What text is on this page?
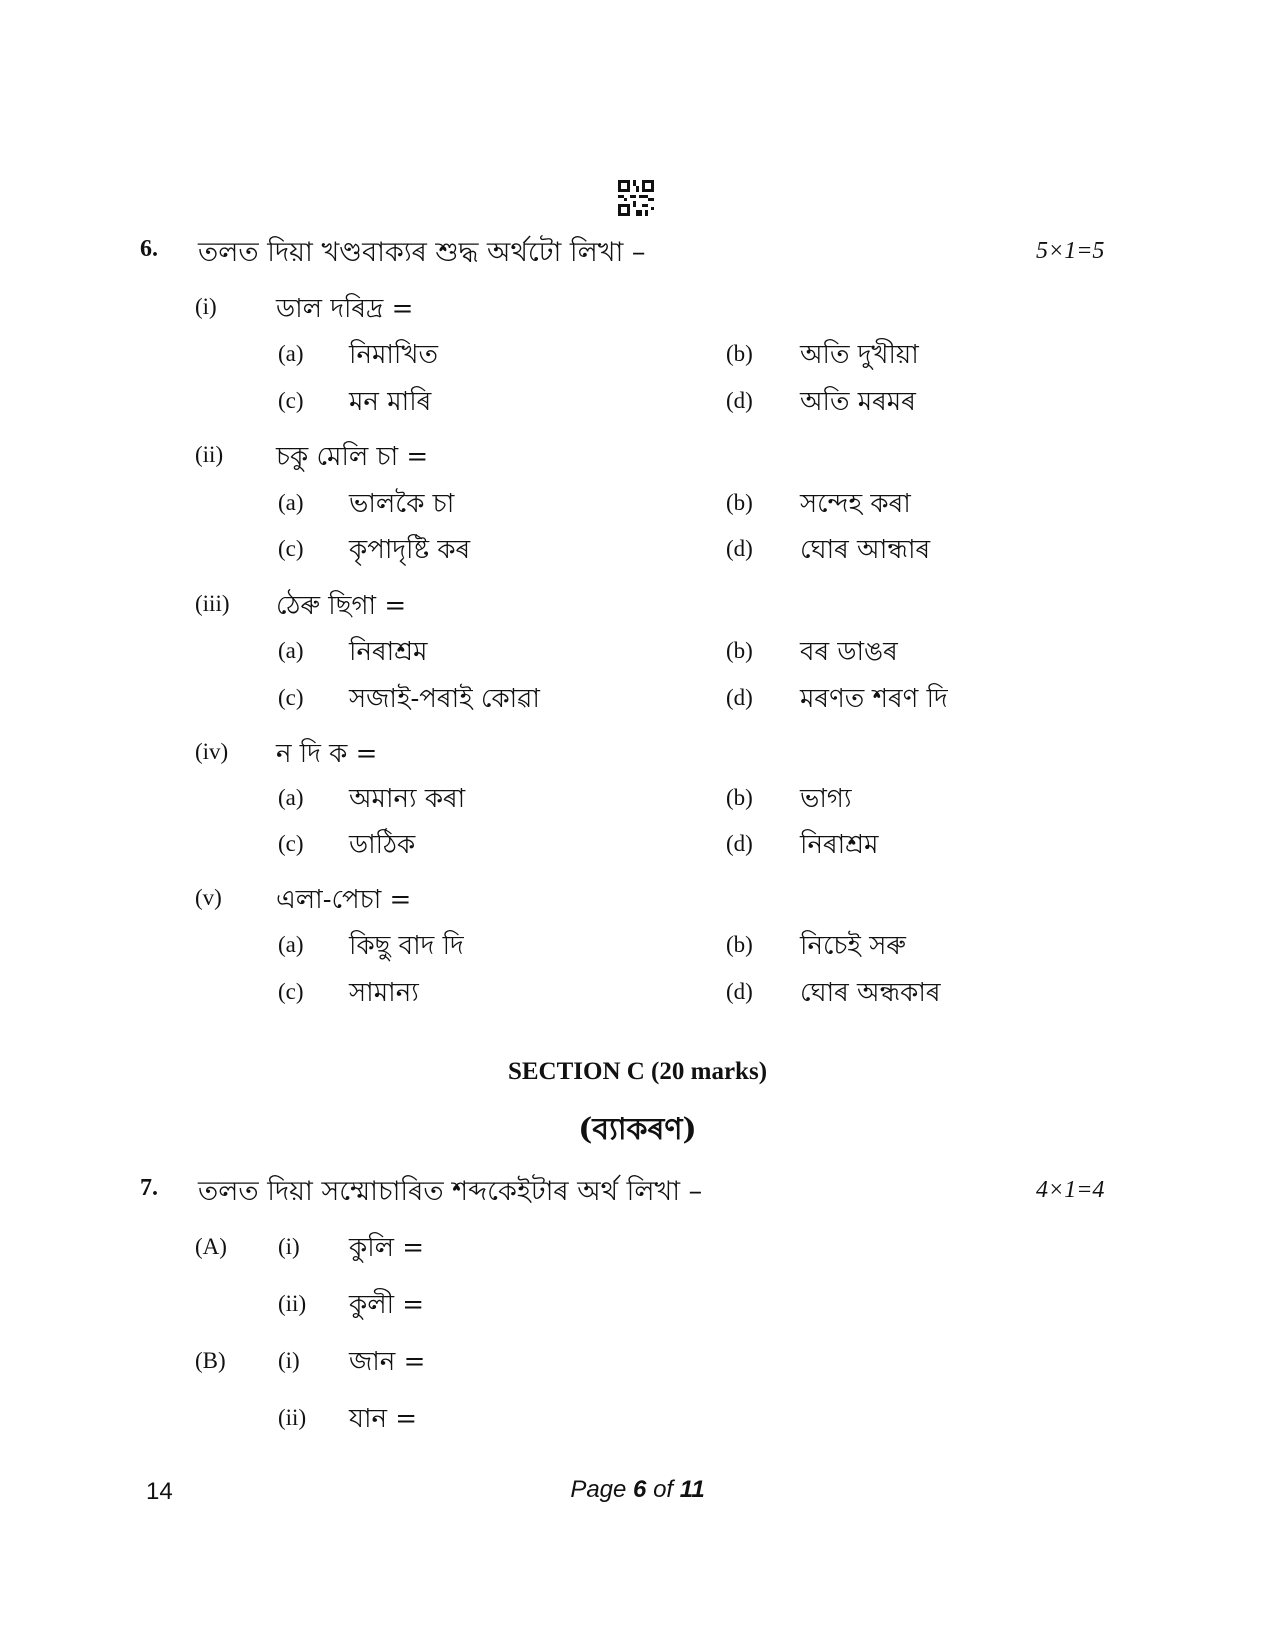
6. তলত দিয়া খণ্ডবাক্যৰ শুদ্ধ অৰ্থটো লিখা –	5×1=5
(i) ডাল দৰিদ্ৰ =
(a) নিমাখিত	(b) অতি দুখীয়া
(c) মন মাৰি	(d) অতি মৰমৰ
(ii) চকু মেলি চা =
(a) ভালকৈ চা	(b) সন্দেহ কৰা
(c) কৃপাদৃষ্টি কৰ	(d) ঘোৰ আন্ধাৰ
(iii) ঠেৰু ছিগা =
(a) নিৰাশ্ৰম	(b) বৰ ডাঙৰ
(c) সজাই-পৰাই কোৱা	(d) মৰণত শৰণ দি
(iv) ন দি ক =
(a) অমান্য কৰা	(b) ভাগ্য
(c) ডাঠিক	(d) নিৰাশ্ৰম
(v) এলা-পেচা =
(a) কিছু বাদ দি	(b) নিচেই সৰু
(c) সামান্য	(d) ঘোৰ অন্ধকাৰ
SECTION C (20 marks)
(ব্যাকৰণ)
7. তলত দিয়া সম্মোচাৰিত শব্দকেইটাৰ অৰ্থ লিখা –	4×1=4
(A) (i) কুলি =
(ii) কুলী =
(B) (i) জান =
(ii) যান =
14	Page 6 of 11
